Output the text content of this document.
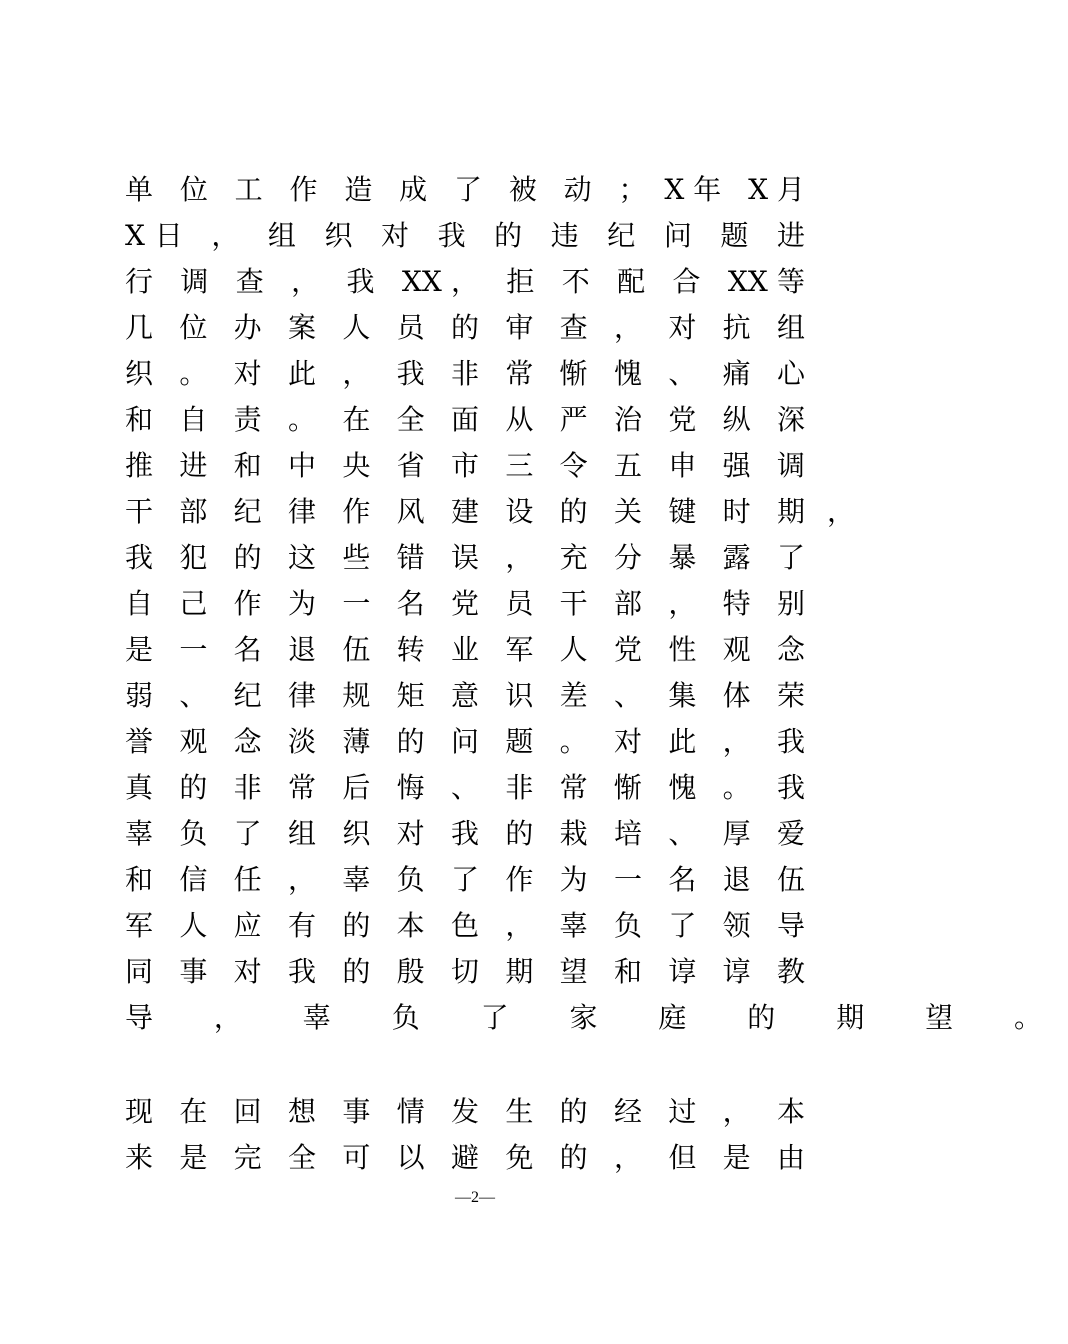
单 位 工 作 造 成 了 被 动 ； X年 X月
X日 ， 组 织 对 我 的 违 纪 问 题 进
行 调 查 ， 我 XX， 拒 不 配 合 XX等
几 位 办 案 人 员 的 审 查 ， 对 抗 组
织 。 对 此 ， 我 非 常 惭 愧 、 痛 心
和 自 责 。 在 全 面 从 严 治 党 纵 深
推 进 和 中 央 省 市 三 令 五 申 强 调
干 部 纪 律 作 风 建 设 的 关 键 时 期 ，
我 犯 的 这 些 错 误 ， 充 分 暴 露 了
自 己 作 为 一 名 党 员 干 部 ， 特 别
是 一 名 退 伍 转 业 军 人 党 性 观 念
弱 、 纪 律 规 矩 意 识 差 、 集 体 荣
誉 观 念 淡 薄 的 问 题 。 对 此 ， 我
真 的 非 常 后 悔 、 非 常 惭 愧 。 我
辜 负 了 组 织 对 我 的 栽 培 、 厚 爱
和 信 任 ， 辜 负 了 作 为 一 名 退 伍
军 人 应 有 的 本 色 ， 辜 负 了 领 导
同 事 对 我 的 殷 切 期 望 和 谆 谆 教
导 ， 辜 负 了 家 庭 的 期 望 。
现 在 回 想 事 情 发 生 的 经 过 ， 本
来 是 完 全 可 以 避 免 的 ， 但 是 由
—2—
